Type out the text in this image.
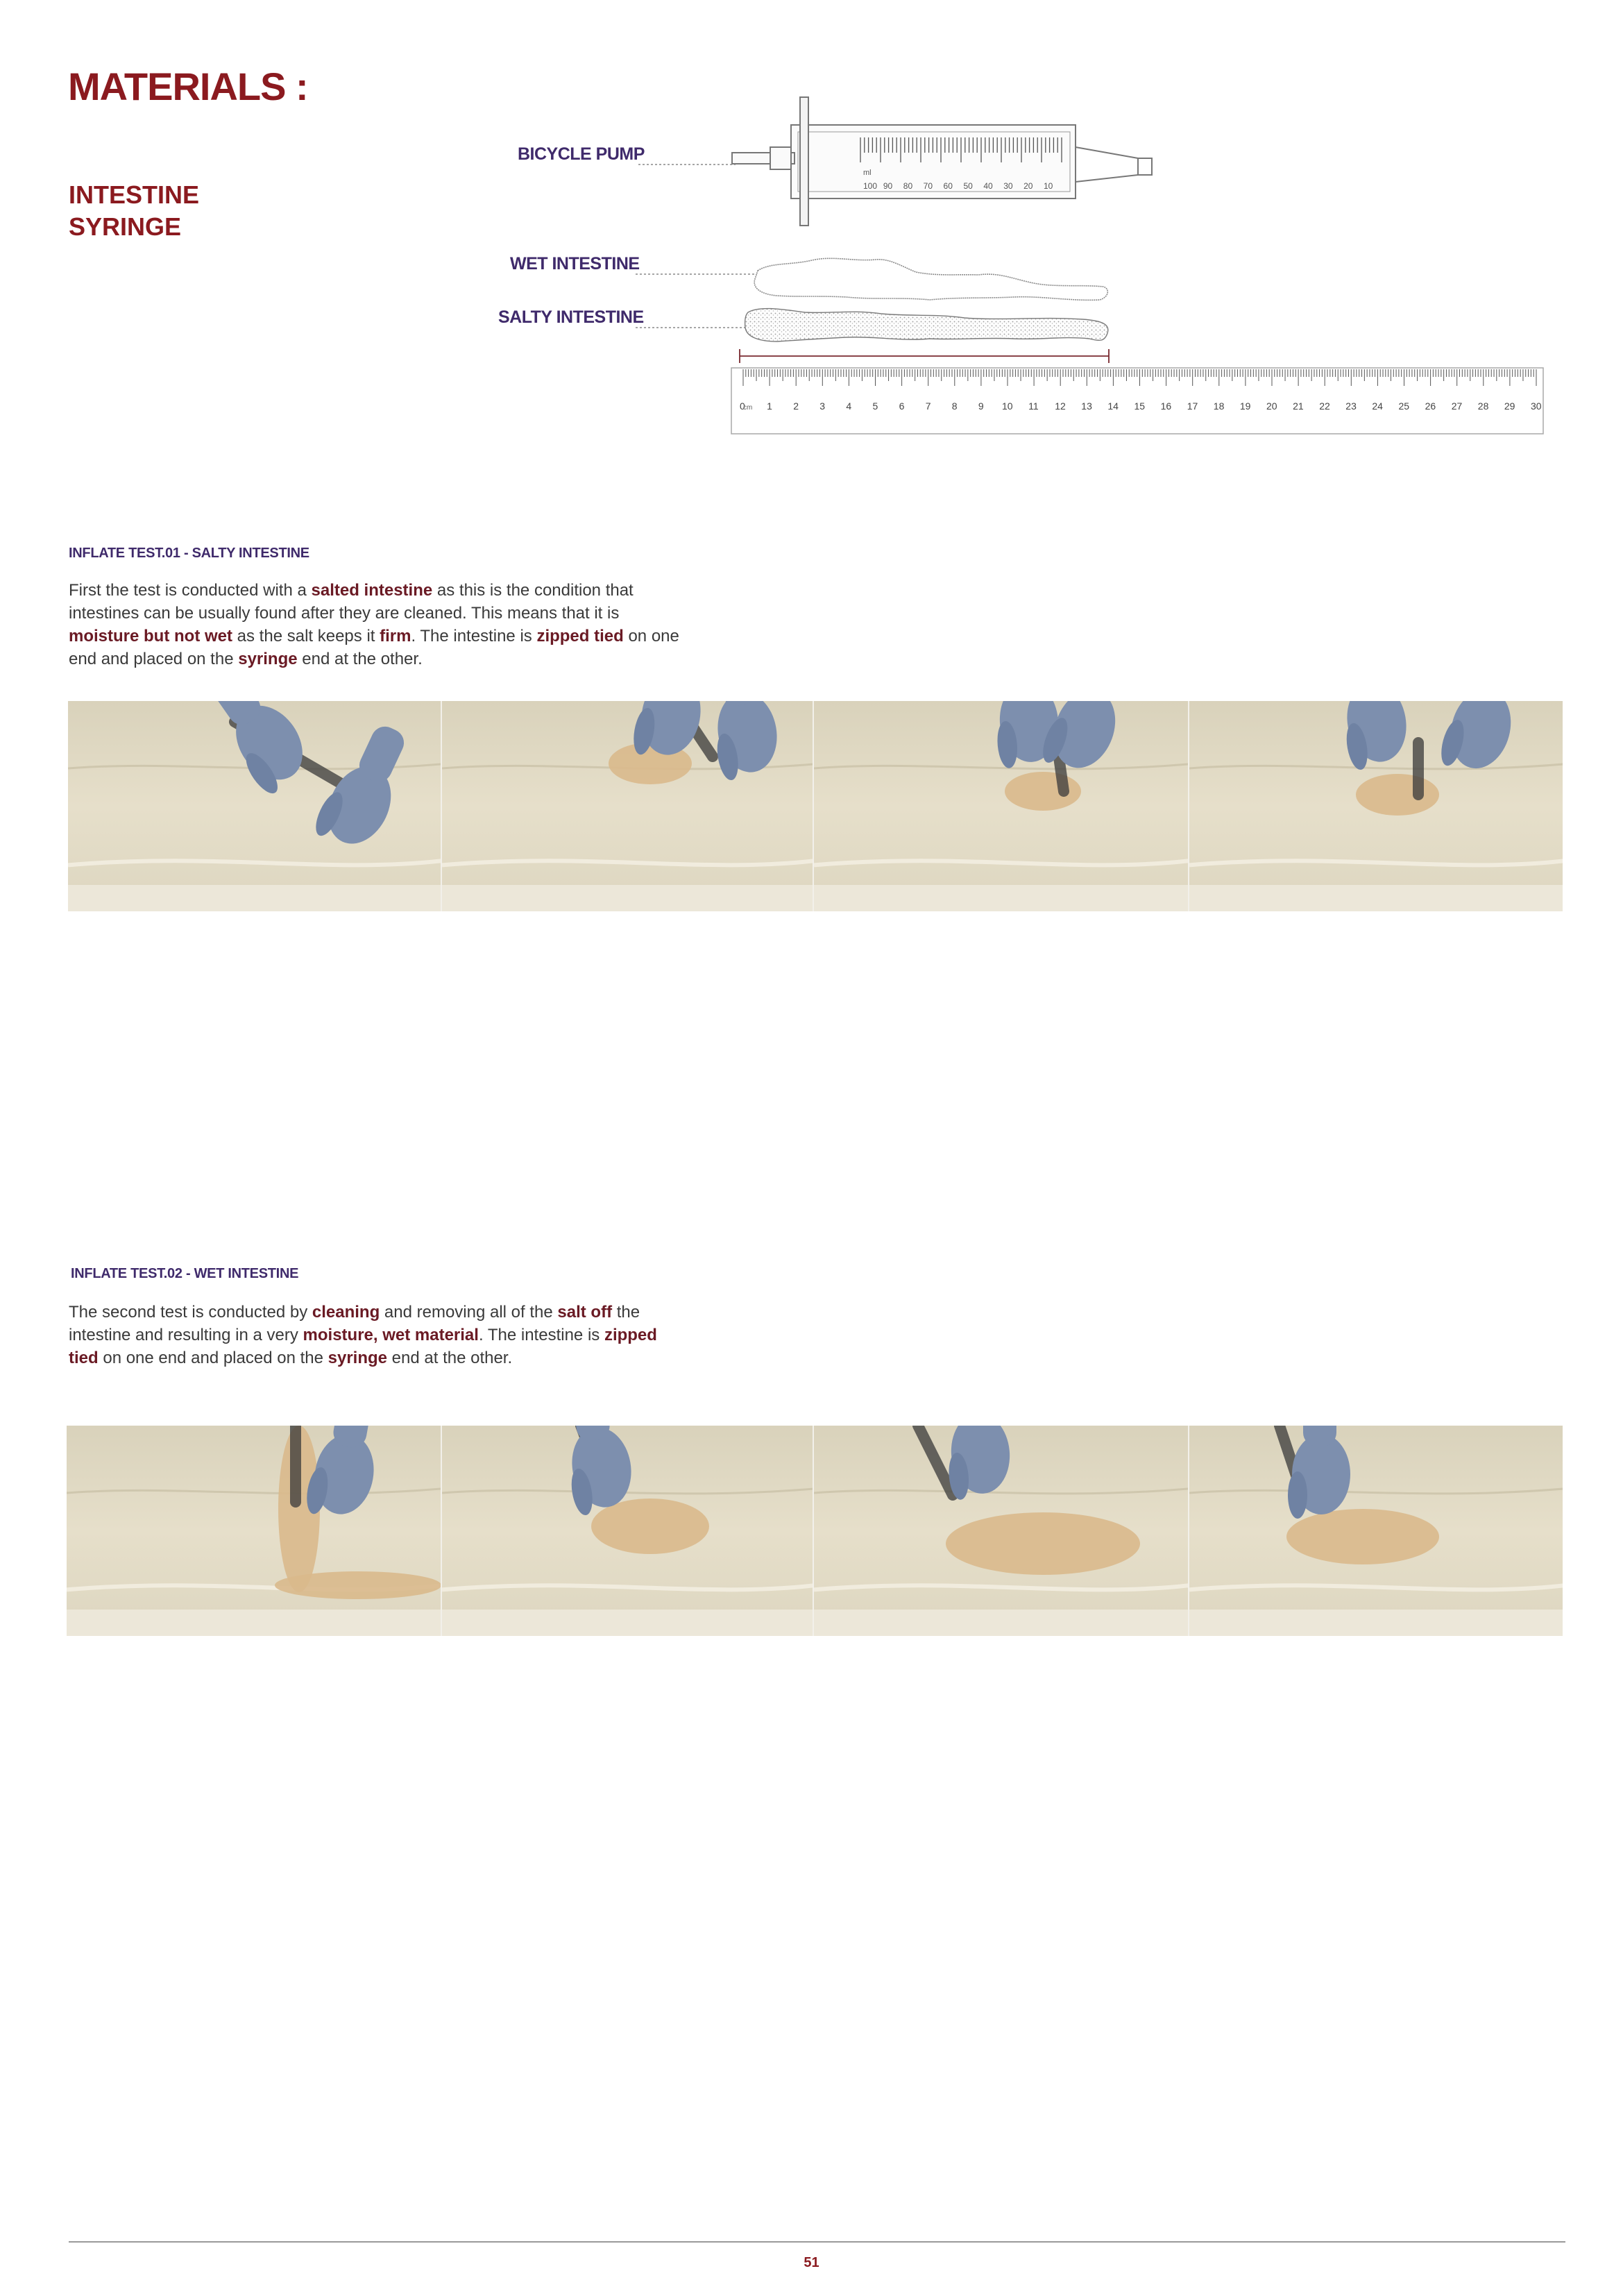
MATERIALS :
INTESTINE
SYRINGE
BICYCLE PUMP
WET INTESTINE
SALTY INTESTINE
ml
100 90 80 70 60 50 40 30 20 10
0 1 2 3 4 5 6 7 8 9 10 11 12 13 14 15 16 17 18 19 20 21 22 23 24 25 26 27 28 29 30
cm
INFLATE TEST.01 - SALTY INTESTINE
First the test is conducted with a salted intestine as this is the condition that intestines can be usually found after they are cleaned. This means that it is moisture but not wet as the salt keeps it firm. The intestine is zipped tied on one end and placed on the syringe end at the other.
INFLATE TEST.02 - WET INTESTINE
The second test is conducted by cleaning and removing all of the salt off the intestine and resulting in a very moisture, wet material. The intestine is zipped tied on one end and placed on the syringe end at the other.
51
